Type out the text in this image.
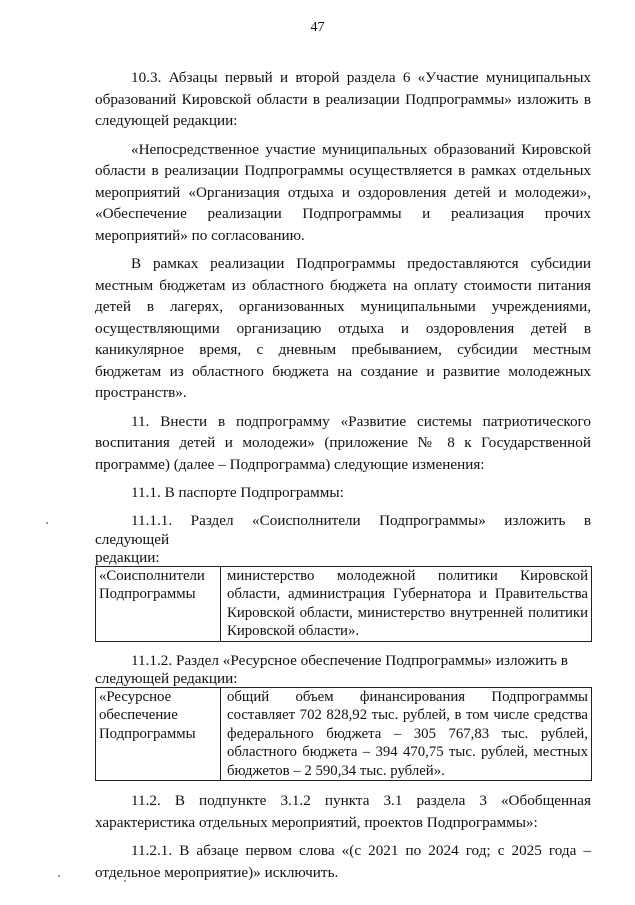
47

10.3. Абзацы первый и второй раздела 6 «Участие муниципальных образований Кировской области в реализации Подпрограммы» изложить в следующей редакции:

«Непосредственное участие муниципальных образований Кировской области в реализации Подпрограммы осуществляется в рамках отдельных мероприятий «Организация отдыха и оздоровления детей и молодежи», «Обеспечение реализации Подпрограммы и реализация прочих мероприятий» по согласованию.

В рамках реализации Подпрограммы предоставляются субсидии местным бюджетам из областного бюджета на оплату стоимости питания детей в лагерях, организованных муниципальными учреждениями, осуществляющими организацию отдыха и оздоровления детей в каникулярное время, с дневным пребыванием, субсидии местным бюджетам из областного бюджета на создание и развитие молодежных пространств».

11. Внести в подпрограмму «Развитие системы патриотического воспитания детей и молодежи» (приложение № 8 к Государственной программе) (далее – Подпрограмма) следующие изменения:

11.1. В паспорте Подпрограммы:

11.1.1. Раздел «Соисполнители Подпрограммы» изложить в следующей
редакции:
«Соисполнители Подпрограммы	министерство молодежной политики Кировской области, администрация Губернатора и Правительства Кировской области, министерство внутренней политики Кировской области».
11.1.2. Раздел «Ресурсное обеспечение Подпрограммы» изложить в
следующей редакции:
«Ресурсное обеспечение Подпрограммы	общий объем финансирования Подпрограммы составляет 702 828,92 тыс. рублей, в том числе средства федерального бюджета – 305 767,83 тыс. рублей, областного бюджета – 394 470,75 тыс. рублей, местных бюджетов – 2 590,34 тыс. рублей».

11.2. В подпункте 3.1.2 пункта 3.1 раздела 3 «Обобщенная характеристика отдельных мероприятий, проектов Подпрограммы»:

11.2.1. В абзаце первом слова «(с 2021 по 2024 год; с 2025 года – отдельное мероприятие)» исключить.
